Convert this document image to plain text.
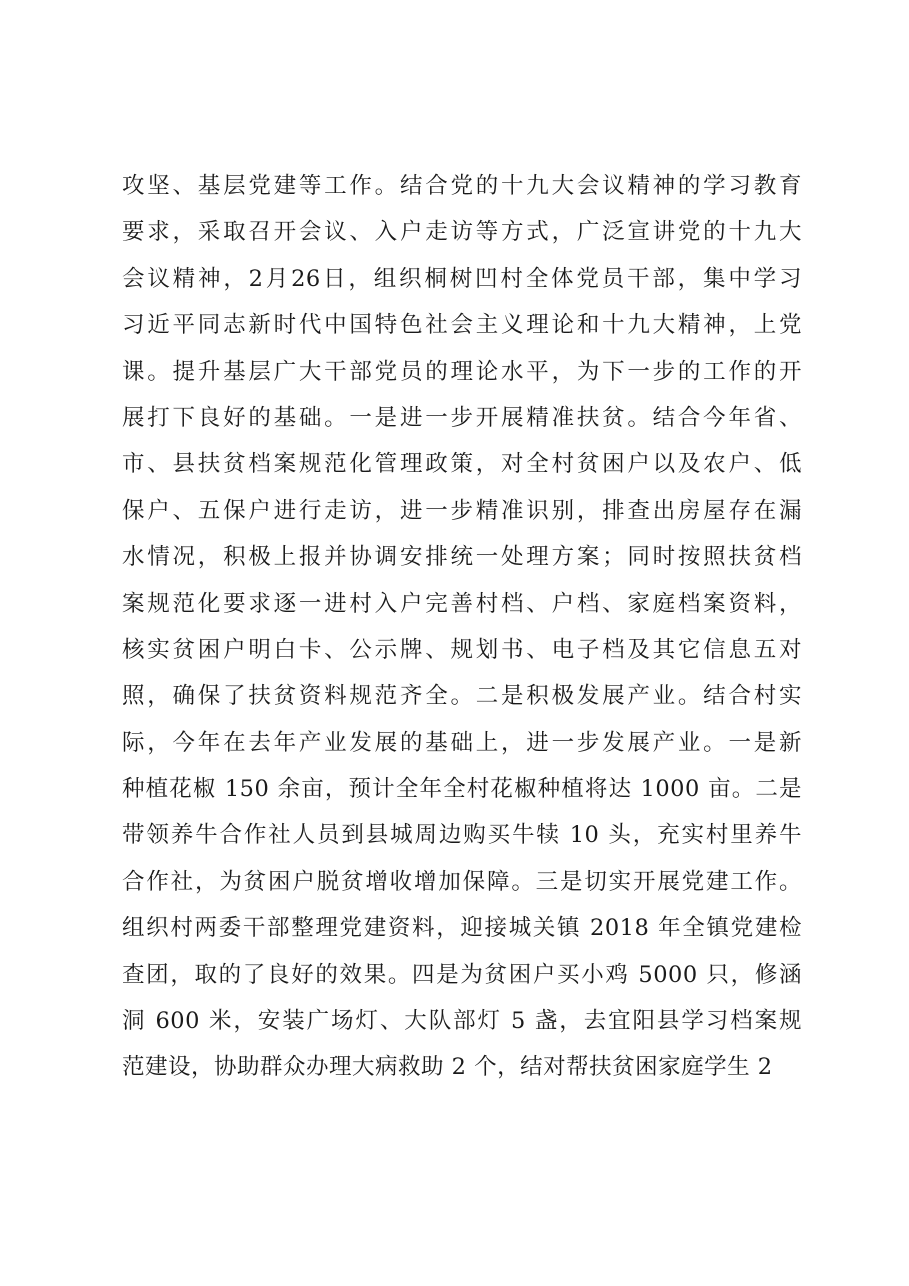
攻坚、基层党建等工作。结合党的十九大会议精神的学习教育
要求，采取召开会议、入户走访等方式，广泛宣讲党的十九大
会议精神，2月26日，组织桐树凹村全体党员干部，集中学习
习近平同志新时代中国特色社会主义理论和十九大精神，上党
课。提升基层广大干部党员的理论水平，为下一步的工作的开
展打下良好的基础。一是进一步开展精准扶贫。结合今年省、
市、县扶贫档案规范化管理政策，对全村贫困户以及农户、低
保户、五保户进行走访，进一步精准识别，排查出房屋存在漏
水情况，积极上报并协调安排统一处理方案；同时按照扶贫档
案规范化要求逐一进村入户完善村档、户档、家庭档案资料，
核实贫困户明白卡、公示牌、规划书、电子档及其它信息五对
照，确保了扶贫资料规范齐全。二是积极发展产业。结合村实
际，今年在去年产业发展的基础上，进一步发展产业。一是新
种植花椒 150 余亩，预计全年全村花椒种植将达 1000 亩。二是
带领养牛合作社人员到县城周边购买牛犊 10 头，充实村里养牛
合作社，为贫困户脱贫增收增加保障。三是切实开展党建工作。
组织村两委干部整理党建资料，迎接城关镇 2018 年全镇党建检
查团，取的了良好的效果。四是为贫困户买小鸡 5000 只，修涵
洞 600 米，安装广场灯、大队部灯 5 盏，去宜阳县学习档案规
范建设，协助群众办理大病救助 2 个，结对帮扶贫困家庭学生 2
